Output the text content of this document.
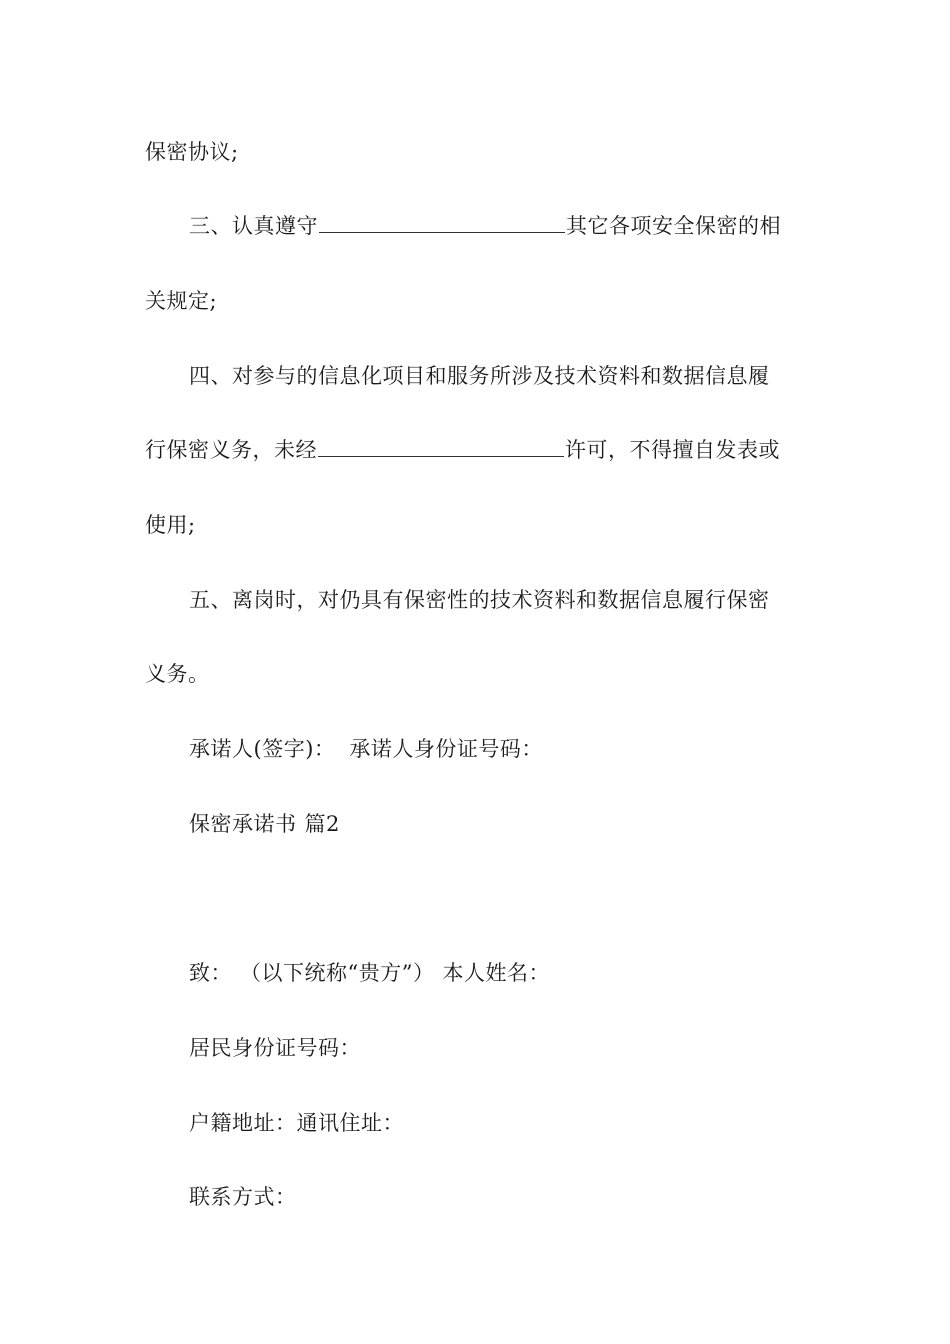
保密协议;
三、认真遵守	其它各项安全保密的相
关规定;
四、对参与的信息化项目和服务所涉及技术资料和数据信息履
行保密义务，未经	许可，不得擅自发表或
使用;
五、离岗时，对仍具有保密性的技术资料和数据信息履行保密
义务。
承诺人(签字)： 承诺人身份证号码：
保密承诺书 篇2
致： （以下统称“贵方”） 本人姓名：
居民身份证号码：
户籍地址：通讯住址：
联系方式：
